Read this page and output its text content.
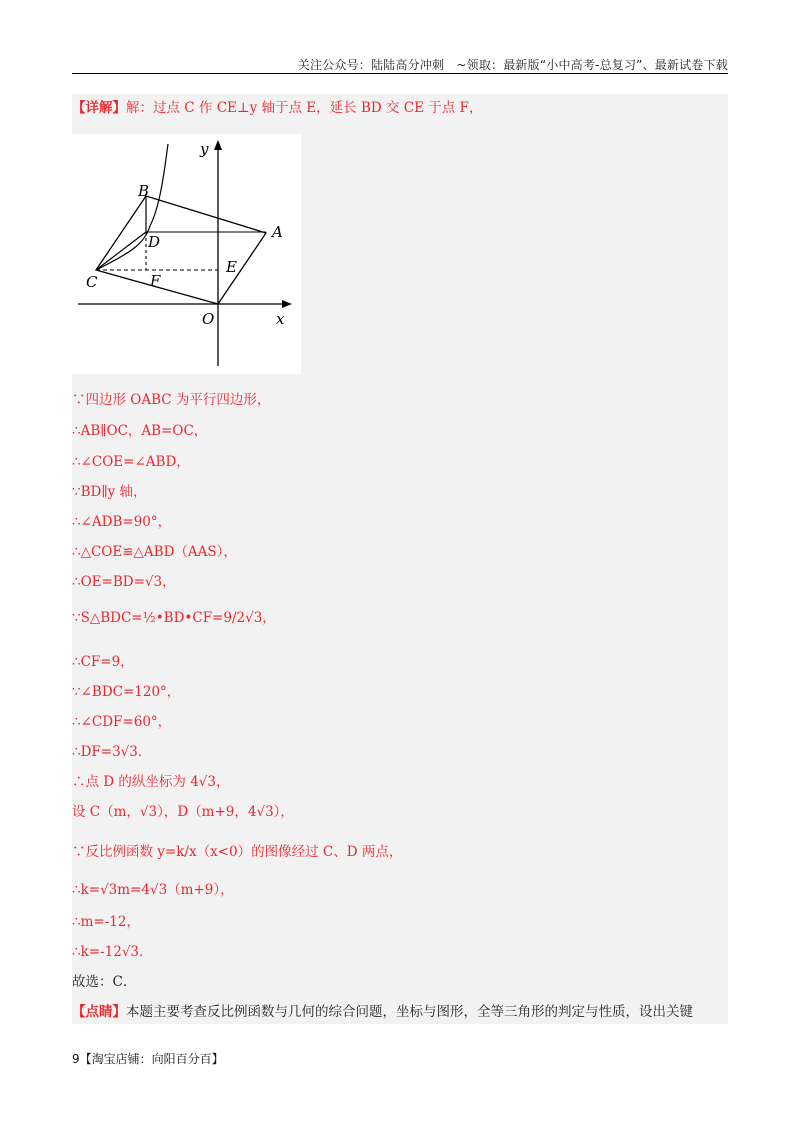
关注公众号：陆陆高分冲刺　~领取：最新版“小中高考-总复习”、最新试卷下载
【详解】解：过点 C 作 CE⊥y 轴于点 E，延长 BD 交 CE 于点 F，
y
x
O
A
B
C
D
E
F
∵四边形 OABC 为平行四边形，
∴AB∥OC，AB=OC，
∴∠COE=∠ABD，
∵BD∥y 轴，
∴∠ADB=90°，
∴△COE≌△ABD（AAS），
∴OE=BD=√3，
∵S△BDC=½•BD•CF=9/2√3，
∴CF=9，
∵∠BDC=120°，
∴∠CDF=60°，
∴DF=3√3．
∴点 D 的纵坐标为 4√3，
设 C（m，√3），D（m+9，4√3），
∵反比例函数 y=k/x（x<0）的图像经过 C、D 两点，
∴k=√3m=4√3（m+9），
∴m=-12，
∴k=-12√3．
故选：C．
【点睛】本题主要考查反比例函数与几何的综合问题，坐标与图形，全等三角形的判定与性质，设出关键
9【淘宝店铺：向阳百分百】
